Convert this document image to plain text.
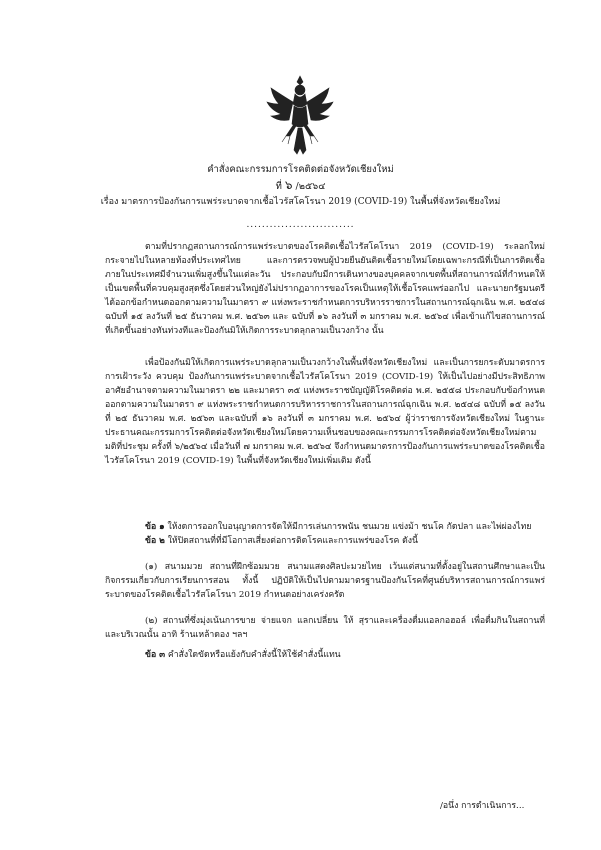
คำสั่งคณะกรรมการโรคติดต่อจังหวัดเชียงใหม่
ที่ ๖ /๒๕๖๔
เรื่อง มาตรการป้องกันการแพร่ระบาดจากเชื้อไวรัสโคโรนา 2019 (COVID-19) ในพื้นที่จังหวัดเชียงใหม่
............................

ตามที่ปรากฏสถานการณ์การแพร่ระบาดของโรคติดเชื้อไวรัสโคโรนา 2019 (COVID-19) ระลอกใหม่กระจายไปในหลายท้องที่ประเทศไทย และการตรวจพบผู้ป่วยยืนยันติดเชื้อรายใหม่โดยเฉพาะกรณีที่เป็นการติดเชื้อภายในประเทศมีจำนวนเพิ่มสูงขึ้นในแต่ละวัน ประกอบกับมีการเดินทางของบุคคลจากเขตพื้นที่สถานการณ์ที่กำหนดให้เป็นเขตพื้นที่ควบคุมสูงสุดซึ่งโดยส่วนใหญ่ยังไม่ปรากฏอาการของโรคเป็นเหตุให้เชื้อโรคแพร่ออกไป และนายกรัฐมนตรีได้ออกข้อกำหนดออกตามความในมาตรา ๙ แห่งพระราชกำหนดการบริหารราชการในสถานการณ์ฉุกเฉิน พ.ศ. ๒๕๔๘ ฉบับที่ ๑๕ ลงวันที่ ๒๕ ธันวาคม พ.ศ. ๒๕๖๓ และ ฉบับที่ ๑๖ ลงวันที่ ๓ มกราคม พ.ศ. ๒๕๖๔ เพื่อเข้าแก้ไขสถานการณ์ที่เกิดขึ้นอย่างทันท่วงทีและป้องกันมิให้เกิดการระบาดลุกลามเป็นวงกว้าง นั้น

เพื่อป้องกันมิให้เกิดการแพร่ระบาดลุกลามเป็นวงกว้างในพื้นที่จังหวัดเชียงใหม่ และเป็นการยกระดับมาตรการการเฝ้าระวัง ควบคุม ป้องกันการแพร่ระบาดจากเชื้อไวรัสโคโรนา 2019 (COVID-19) ให้เป็นไปอย่างมีประสิทธิภาพ อาศัยอำนาจตามความในมาตรา ๒๒ และมาตรา ๓๕ แห่งพระราชบัญญัติโรคติดต่อ พ.ศ. ๒๕๕๘ ประกอบกับข้อกำหนดออกตามความในมาตรา ๙ แห่งพระราชกำหนดการบริหารราชการในสถานการณ์ฉุกเฉิน พ.ศ. ๒๕๔๘ ฉบับที่ ๑๕ ลงวันที่ ๒๕ ธันวาคม พ.ศ. ๒๕๖๓ และฉบับที่ ๑๖ ลงวันที่ ๓ มกราคม พ.ศ. ๒๕๖๔ ผู้ว่าราชการจังหวัดเชียงใหม่ ในฐานะประธานคณะกรรมการโรคติดต่อจังหวัดเชียงใหม่โดยความเห็นชอบของคณะกรรมการโรคติดต่อจังหวัดเชียงใหม่ตามมติที่ประชุม ครั้งที่ ๖/๒๕๖๔ เมื่อวันที่ ๗ มกราคม พ.ศ. ๒๕๖๔ จึงกำหนดมาตรการป้องกันการแพร่ระบาดของโรคติดเชื้อไวรัสโคโรนา 2019 (COVID-19) ในพื้นที่จังหวัดเชียงใหม่เพิ่มเติม ดังนี้

ข้อ ๑ ให้งดการออกใบอนุญาตการจัดให้มีการเล่นการพนัน ชนมวย แข่งม้า ชนโค กัดปลา และไพ่ผ่องไทย
ข้อ ๒ ให้ปิดสถานที่ที่มีโอกาสเสี่ยงต่อการติดโรคและการแพร่ของโรค ดังนี้

(๑) สนามมวย สถานที่ฝึกซ้อมมวย สนามแสดงศิลปะมวยไทย เว้นแต่สนามที่ตั้งอยู่ในสถานศึกษาและเป็นกิจกรรมเกี่ยวกับการเรียนการสอน ทั้งนี้ ปฏิบัติให้เป็นไปตามมาตรฐานป้องกันโรคที่ศูนย์บริหารสถานการณ์การแพร่ระบาดของโรคติดเชื้อไวรัสโคโรนา 2019 กำหนดอย่างเคร่งครัด

(๒) สถานที่ซึ่งมุ่งเน้นการขาย จ่ายแจก แลกเปลี่ยน ให้ สุราและเครื่องดื่มแอลกอฮอล์ เพื่อดื่มกินในสถานที่และบริเวณนั้น อาทิ ร้านเหล้าดอง ฯลฯ

ข้อ ๓ คำสั่งใดขัดหรือแย้งกับคำสั่งนี้ให้ใช้คำสั่งนี้แทน
/อนึ่ง การดำเนินการ...
